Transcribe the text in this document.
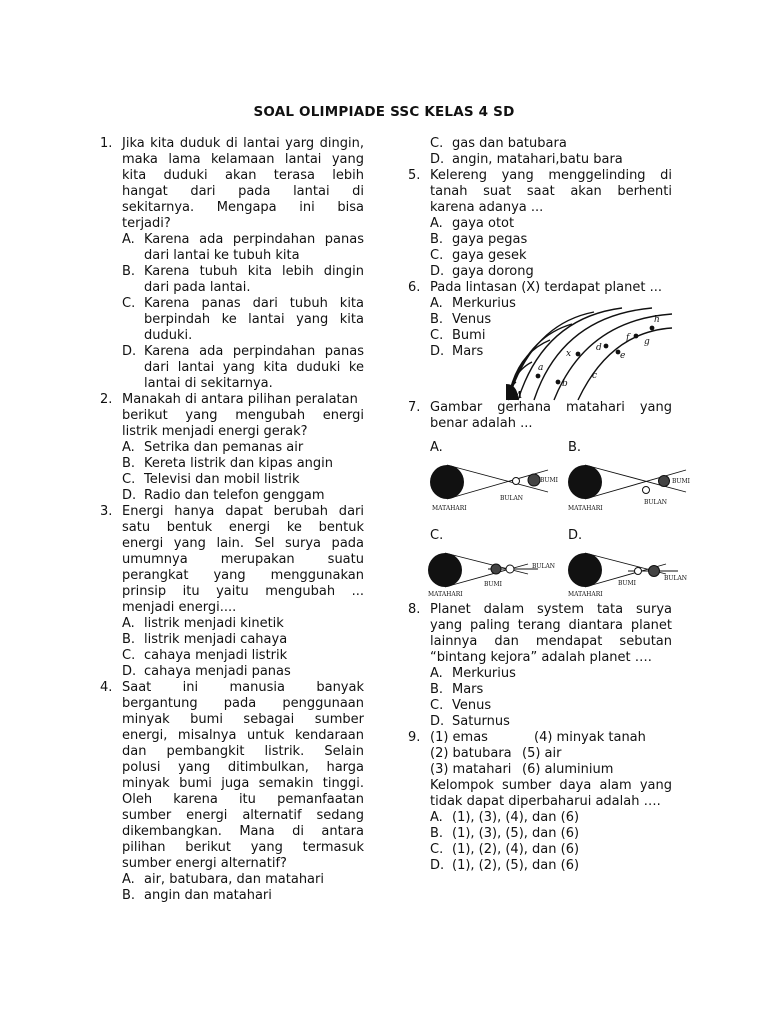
SOAL OLIMPIADE SSC KELAS 4 SD
1. Jika kita duduk di lantai yarg dingin,
maka lama kelamaan lantai yang
kita duduki akan terasa lebih
hangat dari pada lantai di
sekitarnya. Mengapa ini bisa
terjadi?
A. Karena ada perpindahan panas
dari lantai ke tubuh kita
B. Karena tubuh kita lebih dingin
dari pada lantai.
C. Karena panas dari tubuh kita
berpindah ke lantai yang kita
duduki.
D. Karena ada perpindahan panas
dari lantai yang kita duduki ke
lantai di sekitarnya.
2. Manakah di antara pilihan peralatan
berikut yang mengubah energi
listrik menjadi energi gerak?
A. Setrika dan pemanas air
B. Kereta listrik dan kipas angin
C. Televisi dan mobil listrik
D. Radio dan telefon genggam
3. Energi hanya dapat berubah dari
satu bentuk energi ke bentuk
energi yang lain. Sel surya pada
umumnya merupakan suatu
perangkat yang menggunakan
prinsip itu yaitu mengubah ...
menjadi energi....
A. listrik menjadi kinetik
B. listrik menjadi cahaya
C. cahaya menjadi listrik
D. cahaya menjadi panas
4. Saat ini manusia banyak
bergantung pada penggunaan
minyak bumi sebagai sumber
energi, misalnya untuk kendaraan
dan pembangkit listrik. Selain
polusi yang ditimbulkan, harga
minyak bumi juga semakin tinggi.
Oleh karena itu pemanfaatan
sumber energi alternatif sedang
dikembangkan. Mana di antara
pilihan berikut yang termasuk
sumber energi alternatif?
A. air, batubara, dan matahari
B. angin dan matahari
C. gas dan batubara
D. angin, matahari,batu bara
5. Kelereng yang menggelinding di
tanah suat saat akan berhenti
karena adanya ...
A. gaya otot
B. gaya pegas
C. gaya gesek
D. gaya dorong
6. Pada lintasan (X) terdapat planet ...
A. Merkurius
B. Venus
C. Bumi
D. Mars
7. Gambar gerhana matahari yang
benar adalah ...
8. Planet dalam system tata surya
yang paling terang diantara planet
lainnya dan mendapat sebutan
“bintang kejora” adalah planet ….
A. Merkurius
B. Mars
C. Venus
D. Saturnus
9. (1) emas	(4) minyak tanah
(2) batubara (5) air
(3) matahari (6) aluminium
Kelompok sumber daya alam yang
tidak dapat diperbaharui adalah ….
A. (1), (3), (4), dan (6)
B. (1), (3), (5), dan (6)
C. (1), (2), (4), dan (6)
D. (1), (2), (5), dan (6)
x
a
b
c
d
e
f g
h
M
A.	B.
C.	D.
MATAHARI
BULAN
BUMI
MATAHARI
BULAN
BUMI
MATAHARI
BUMI
BULAN
MATAHARI
BUMI
BULAN
